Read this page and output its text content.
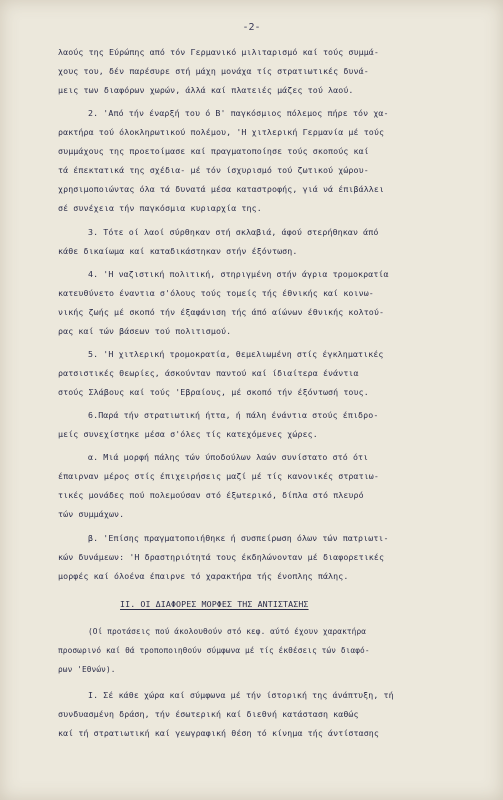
-2-
λαούς της Εύρώπης από τόν Γερμανικό μιλιταρισμό καί τούς συμμά-
χους του, δέν παρέσυρε στή μάχη μονάχα τίς στρατιωτικές δυνά-
μεις των διαφόρων χωρών, άλλά καί πλατειές μάζες τού λαού.
2. 'Από τήν έναρξή του ό Β' παγκόσμιος πόλεμος πήρε τόν χα-
ρακτήρα τού όλοκληρωτικού πολέμου, 'Η χιτλερική Γερμανία μέ τούς
συμμάχους της προετοίμασε καί πραγματοποίησε τούς σκοπούς καί
τά έπεκτατικά της σχέδια- μέ τόν ίσχυρισμό τού ζωτικού χώρου-
χρησιμοποιώντας όλα τά δυνατά μέσα καταστροφής, γιά νά έπιβάλλει
σέ συνέχεια τήν παγκόσμια κυριαρχία της.
3. Τότε οί λαοί σύρθηκαν στή σκλαβιά, άφού στερήθηκαν άπό
κάθε δικαίωμα καί καταδικάστηκαν στήν έξόντωση.
4. 'Η ναζιστική πολιτική, στηριγμένη στήν άγρια τρομοκρατία
κατευθύνετο έναντια σ'όλους τούς τομείς τής έθνικής καί κοινω-
νικής ζωής μέ σκοπό τήν έξαφάνιση τής άπό αίώνων έθνικής κολτού-
ρας καί τών βάσεων τού πολιτισμού.
5. 'Η χιτλερική τρομοκρατία, θεμελιωμένη στίς έγκληματικές
ρατσιστικές θεωρίες, άσκούνταν παντού καί ίδιαίτερα ένάντια
στούς Σλάβους καί τούς 'Εβραίους, μέ σκοπό τήν έξόντωσή τους.
6.Παρά τήν στρατιωτική ήττα, ή πάλη ένάντια στούς έπιδρο-
μείς συνεχίστηκε μέσα σ'όλες τίς κατεχόμενες χώρες.
α. Μιά μορφή πάλης τών ύποδούλων λαών συνίστατο στό ότι
έπαιρναν μέρος στίς έπιχειρήσεις μαζί μέ τίς κανονικές στρατιω-
τικές μονάδες πού πολεμούσαν στό έξωτερικό, δίπλα στό πλευρό
τών συμμάχων.
β. 'Επίσης πραγματοποιήθηκε ή συσπείρωση όλων τών πατριωτι-
κών δυνάμεων: 'Η δραστηριότητά τους έκδηλώνονταν μέ διαφορετικές
μορφές καί όλοένα έπαιρνε τό χαρακτήρα τής ένοπλης πάλης.
II. ΟΙ ΔΙΑΦΟΡΕΣ ΜΟΡΦΕΣ ΤΗΣ ΑΝΤΙΣΤΑΣΗΣ
(Οί προτάσεις πού άκολουθούν στό κεφ. αύτό έχουν χαρακτήρα
προσωρινό καί θά τροποποιηθούν σύμφωνα μέ τίς έκθέσεις τών διαφό-
ρων 'Εθνών).
I. Σέ κάθε χώρα καί σύμφωνα μέ τήν ίστορική της άνάπτυξη, τή
συνδυασμένη δράση, τήν έσωτερική καί διεθνή κατάσταση καθώς
καί τή στρατιωτική καί γεωγραφική θέση τό κίνημα τής άντίστασης
